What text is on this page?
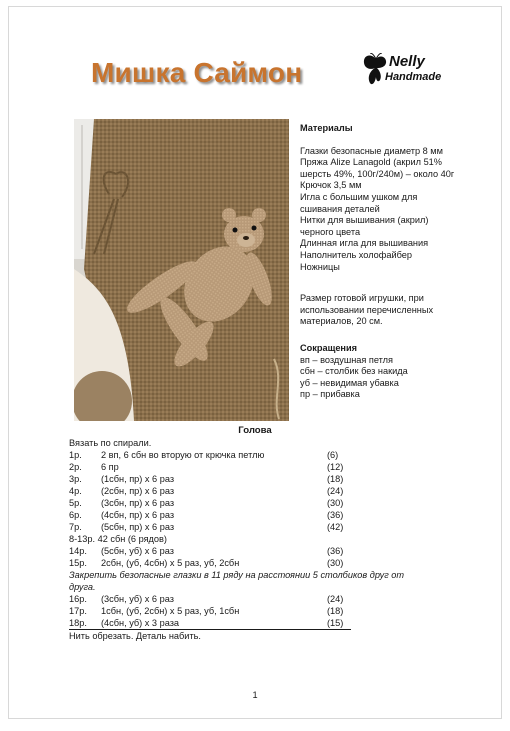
Мишка Саймон	Nelly
Handmade
Материалы
Глазки безопасные диаметр 8 мм
Пряжа Alize Lanagold (акрил 51%
шерсть 49%, 100г/240м) – около 40г
Крючок 3,5 мм
Игла с большим ушком для
сшивания деталей
Нитки для вышивания (акрил)
черного цвета
Длинная игла для вышивания
Наполнитель холофайбер
Ножницы
Размер готовой игрушки, при
использовании перечисленных
материалов, 20 см.
Сокращения
вп – воздушная петля
сбн – столбик без накида
уб – невидимая убавка
пр – прибавка
Голова
Вязать по спирали.
1р. 2 вп, 6 сбн во вторую от крючка петлю	(6)
2р. 6 пр	(12)
3р. (1сбн, пр) х 6 раз	(18)
4р. (2сбн, пр) х 6 раз	(24)
5р. (3сбн, пр) х 6 раз	(30)
6р. (4сбн, пр) х 6 раз	(36)
7р. (5сбн, пр) х 6 раз	(42)
8-13р. 42 сбн (6 рядов)
14р. (5сбн, уб) х 6 раз	(36)
15р. 2сбн, (уб, 4сбн) х 5 раз, уб, 2сбн	(30)
Закрепить безопасные глазки в 11 ряду на расстоянии 5 столбиков друг от
друга.
16р. (3сбн, уб) х 6 раз	(24)
17р. 1сбн, (уб, 2сбн) х 5 раз, уб, 1сбн	(18)
18р. (4сбн, уб) х 3 раза	(15)
Нить обрезать. Деталь набить.
1
